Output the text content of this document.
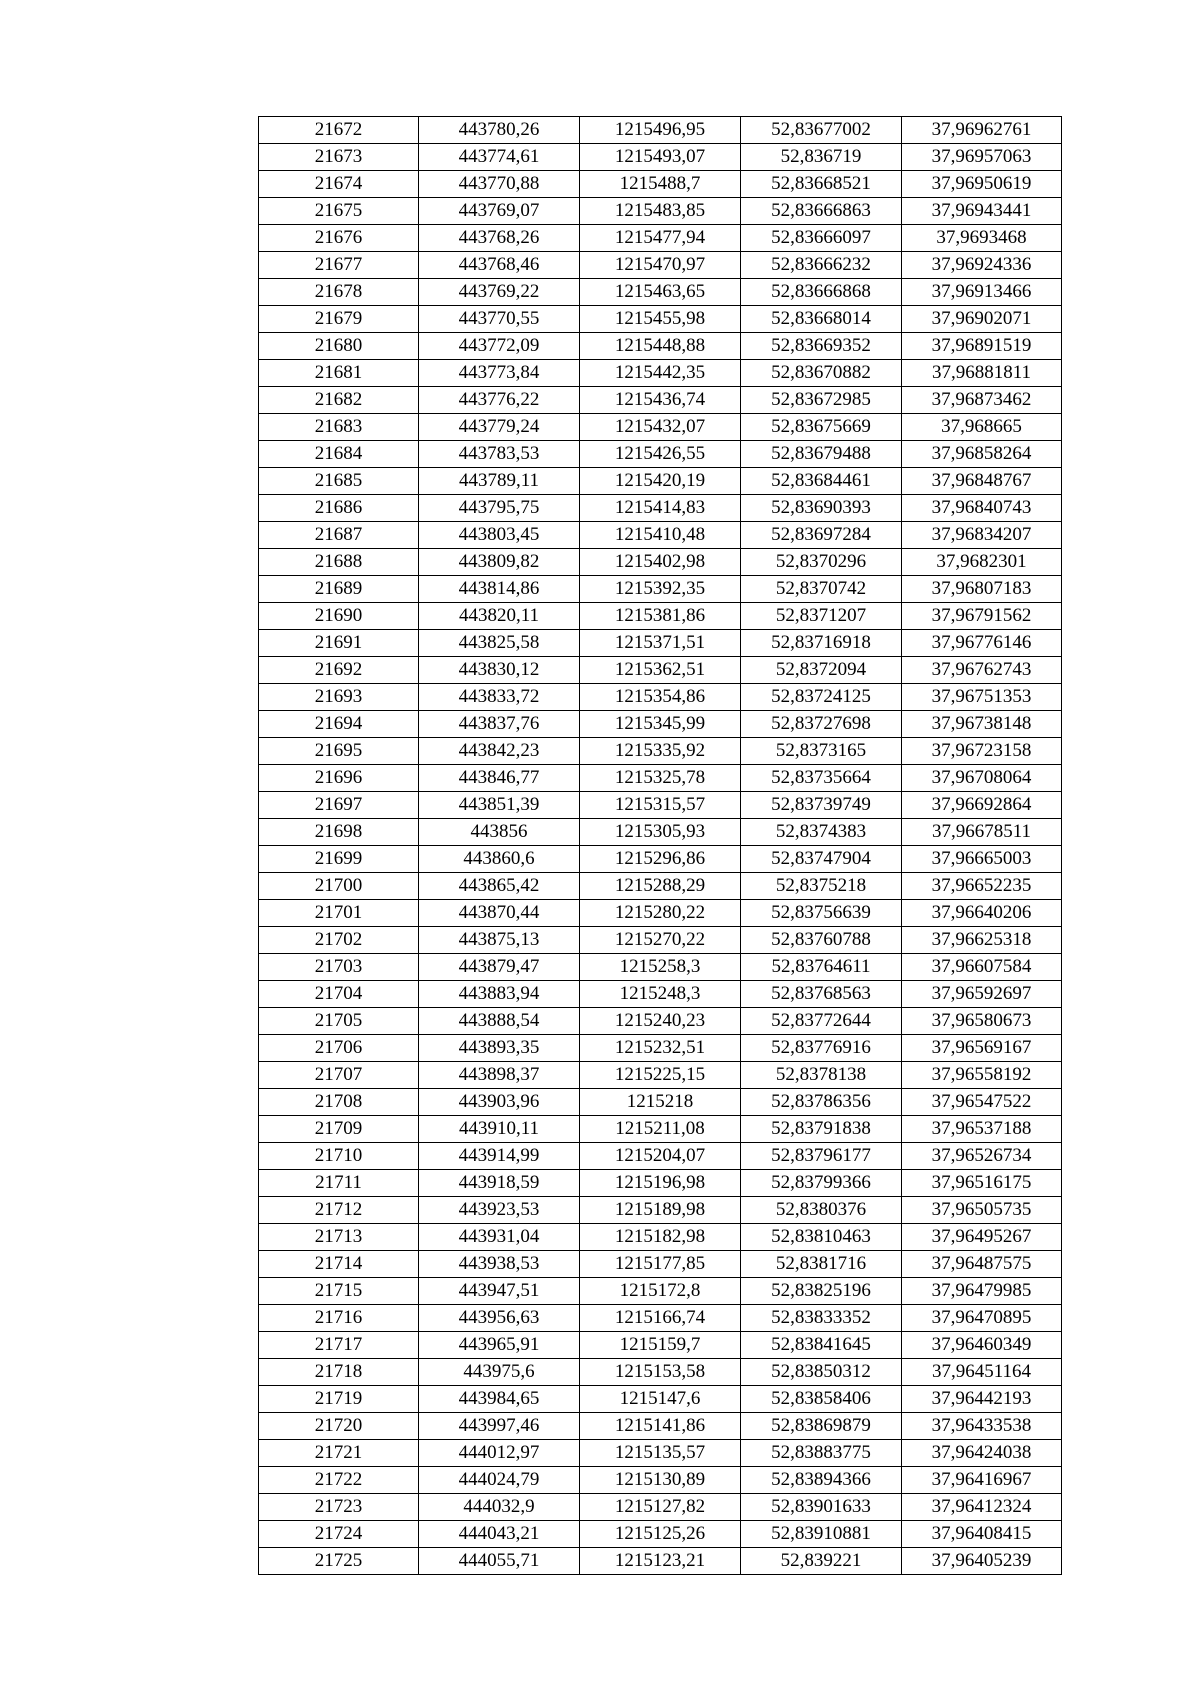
21672	443780,26	1215496,95	52,83677002	37,96962761
21673	443774,61	1215493,07	52,836719	37,96957063
21674	443770,88	1215488,7	52,83668521	37,96950619
21675	443769,07	1215483,85	52,83666863	37,96943441
21676	443768,26	1215477,94	52,83666097	37,9693468
21677	443768,46	1215470,97	52,83666232	37,96924336
21678	443769,22	1215463,65	52,83666868	37,96913466
21679	443770,55	1215455,98	52,83668014	37,96902071
21680	443772,09	1215448,88	52,83669352	37,96891519
21681	443773,84	1215442,35	52,83670882	37,96881811
21682	443776,22	1215436,74	52,83672985	37,96873462
21683	443779,24	1215432,07	52,83675669	37,968665
21684	443783,53	1215426,55	52,83679488	37,96858264
21685	443789,11	1215420,19	52,83684461	37,96848767
21686	443795,75	1215414,83	52,83690393	37,96840743
21687	443803,45	1215410,48	52,83697284	37,96834207
21688	443809,82	1215402,98	52,8370296	37,9682301
21689	443814,86	1215392,35	52,8370742	37,96807183
21690	443820,11	1215381,86	52,8371207	37,96791562
21691	443825,58	1215371,51	52,83716918	37,96776146
21692	443830,12	1215362,51	52,8372094	37,96762743
21693	443833,72	1215354,86	52,83724125	37,96751353
21694	443837,76	1215345,99	52,83727698	37,96738148
21695	443842,23	1215335,92	52,8373165	37,96723158
21696	443846,77	1215325,78	52,83735664	37,96708064
21697	443851,39	1215315,57	52,83739749	37,96692864
21698	443856	1215305,93	52,8374383	37,96678511
21699	443860,6	1215296,86	52,83747904	37,96665003
21700	443865,42	1215288,29	52,8375218	37,96652235
21701	443870,44	1215280,22	52,83756639	37,96640206
21702	443875,13	1215270,22	52,83760788	37,96625318
21703	443879,47	1215258,3	52,83764611	37,96607584
21704	443883,94	1215248,3	52,83768563	37,96592697
21705	443888,54	1215240,23	52,83772644	37,96580673
21706	443893,35	1215232,51	52,83776916	37,96569167
21707	443898,37	1215225,15	52,8378138	37,96558192
21708	443903,96	1215218	52,83786356	37,96547522
21709	443910,11	1215211,08	52,83791838	37,96537188
21710	443914,99	1215204,07	52,83796177	37,96526734
21711	443918,59	1215196,98	52,83799366	37,96516175
21712	443923,53	1215189,98	52,8380376	37,96505735
21713	443931,04	1215182,98	52,83810463	37,96495267
21714	443938,53	1215177,85	52,8381716	37,96487575
21715	443947,51	1215172,8	52,83825196	37,96479985
21716	443956,63	1215166,74	52,83833352	37,96470895
21717	443965,91	1215159,7	52,83841645	37,96460349
21718	443975,6	1215153,58	52,83850312	37,96451164
21719	443984,65	1215147,6	52,83858406	37,96442193
21720	443997,46	1215141,86	52,83869879	37,96433538
21721	444012,97	1215135,57	52,83883775	37,96424038
21722	444024,79	1215130,89	52,83894366	37,96416967
21723	444032,9	1215127,82	52,83901633	37,96412324
21724	444043,21	1215125,26	52,83910881	37,96408415
21725	444055,71	1215123,21	52,839221	37,96405239
